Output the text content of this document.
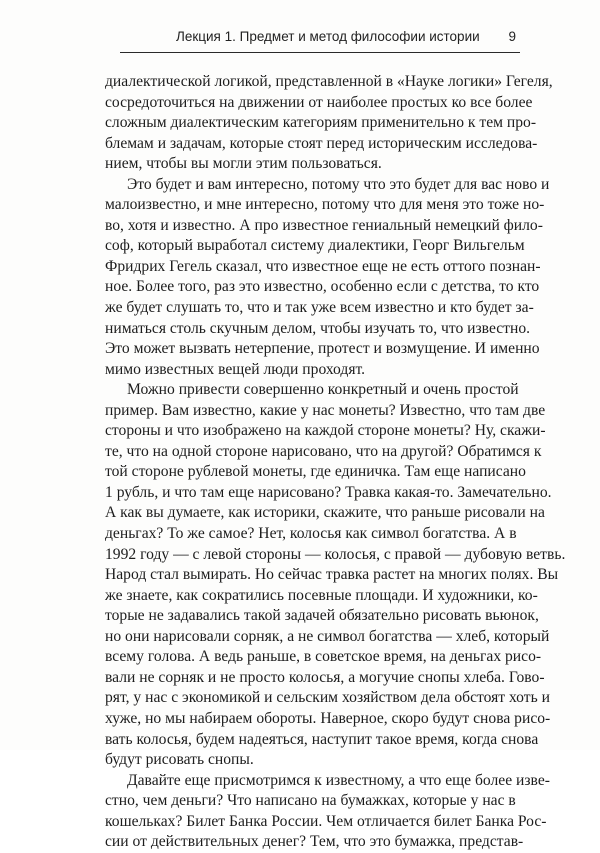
Лекция 1. Предмет и метод философии истории 9
диалектической логикой, представленной в «Науке логики» Гегеля,
сосредоточиться на движении от наиболее простых ко все более
сложным диалектическим категориям применительно к тем про-
блемам и задачам, которые стоят перед историческим исследова-
нием, чтобы вы могли этим пользоваться.
Это будет и вам интересно, потому что это будет для вас ново и
малоизвестно, и мне интересно, потому что для меня это тоже но-
во, хотя и известно. А про известное гениальный немецкий фило-
соф, который выработал систему диалектики, Георг Вильгельм
Фридрих Гегель сказал, что известное еще не есть оттого познан-
ное. Более того, раз это известно, особенно если с детства, то кто
же будет слушать то, что и так уже всем известно и кто будет за-
ниматься столь скучным делом, чтобы изучать то, что известно.
Это может вызвать нетерпение, протест и возмущение. И именно
мимо известных вещей люди проходят.
Можно привести совершенно конкретный и очень простой
пример. Вам известно, какие у нас монеты? Известно, что там две
стороны и что изображено на каждой стороне монеты? Ну, скажи-
те, что на одной стороне нарисовано, что на другой? Обратимся к
той стороне рублевой монеты, где единичка. Там еще написано
1 рубль, и что там еще нарисовано? Травка какая-то. Замечательно.
А как вы думаете, как историки, скажите, что раньше рисовали на
деньгах? То же самое? Нет, колосья как символ богатства. А в
1992 году — с левой стороны — колосья, с правой — дубовую ветвь.
Народ стал вымирать. Но сейчас травка растет на многих полях. Вы
же знаете, как сократились посевные площади. И художники, ко-
торые не задавались такой задачей обязательно рисовать вьюнок,
но они нарисовали сорняк, а не символ богатства — хлеб, который
всему голова. А ведь раньше, в советское время, на деньгах рисо-
вали не сорняк и не просто колосья, а могучие снопы хлеба. Гово-
рят, у нас с экономикой и сельским хозяйством дела обстоят хоть и
хуже, но мы набираем обороты. Наверное, скоро будут снова рисо-
вать колосья, будем надеяться, наступит такое время, когда снова
будут рисовать снопы.
Давайте еще присмотримся к известному, а что еще более изве-
стно, чем деньги? Что написано на бумажках, которые у нас в
кошельках? Билет Банка России. Чем отличается билет Банка Рос-
сии от действительных денег? Тем, что это бумажка, представ-
